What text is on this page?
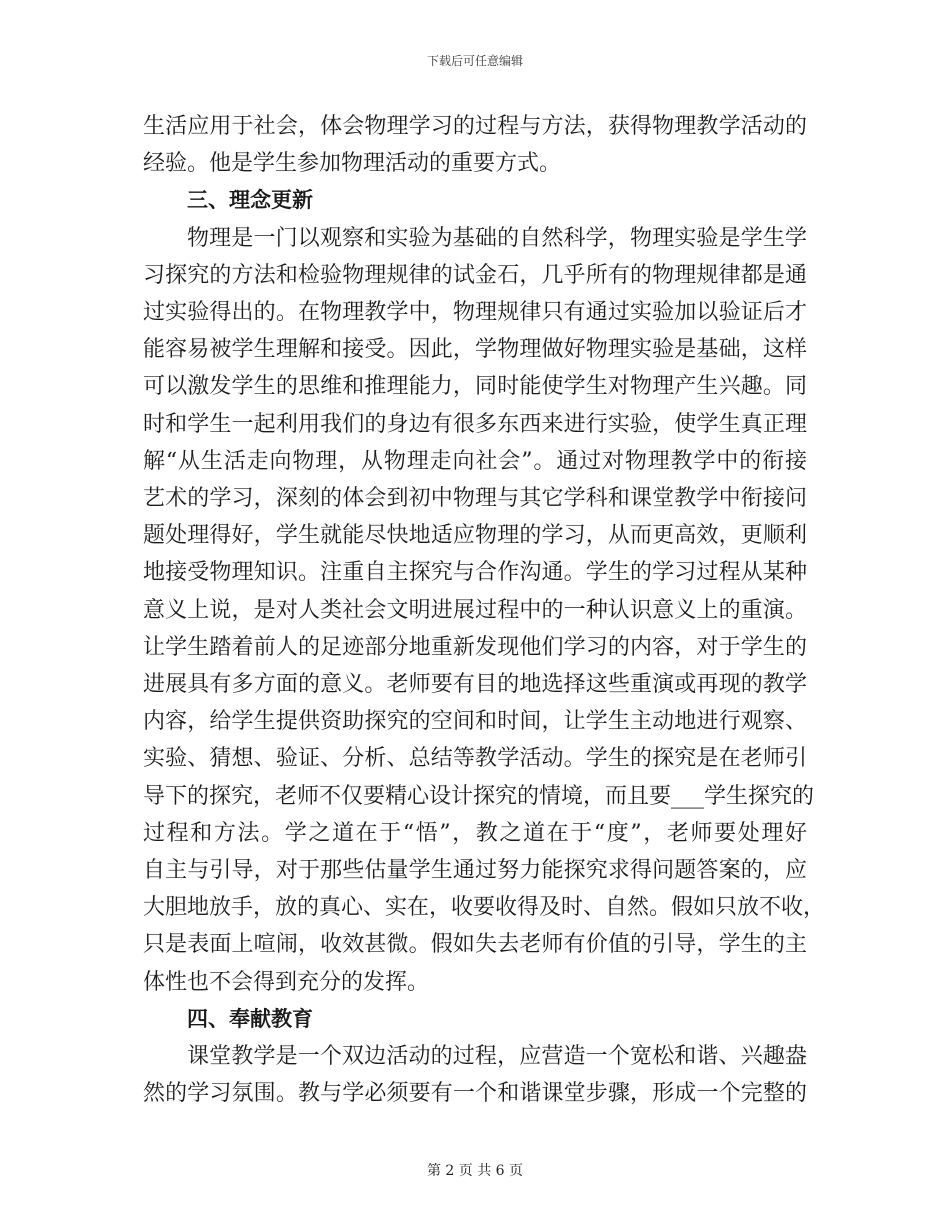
下载后可任意编辑
生活应用于社会，体会物理学习的过程与方法，获得物理教学活动的
经验。他是学生参加物理活动的重要方式。
三、理念更新
物理是一门以观察和实验为基础的自然科学，物理实验是学生学
习探究的方法和检验物理规律的试金石，几乎所有的物理规律都是通
过实验得出的。在物理教学中，物理规律只有通过实验加以验证后才
能容易被学生理解和接受。因此，学物理做好物理实验是基础，这样
可以激发学生的思维和推理能力，同时能使学生对物理产生兴趣。同
时和学生一起利用我们的身边有很多东西来进行实验，使学生真正理
解“从生活走向物理，从物理走向社会”。通过对物理教学中的衔接
艺术的学习，深刻的体会到初中物理与其它学科和课堂教学中衔接问
题处理得好，学生就能尽快地适应物理的学习，从而更高效，更顺利
地接受物理知识。注重自主探究与合作沟通。学生的学习过程从某种
意义上说，是对人类社会文明进展过程中的一种认识意义上的重演。
让学生踏着前人的足迹部分地重新发现他们学习的内容，对于学生的
进展具有多方面的意义。老师要有目的地选择这些重演或再现的教学
内容，给学生提供资助探究的空间和时间，让学生主动地进行观察、
实验、猜想、验证、分析、总结等教学活动。学生的探究是在老师引
导下的探究，老师不仅要精心设计探究的情境，而且要___学生探究的
过程和方法。学之道在于“悟”，教之道在于“度”，老师要处理好
自主与引导，对于那些估量学生通过努力能探究求得问题答案的，应
大胆地放手，放的真心、实在，收要收得及时、自然。假如只放不收，
只是表面上喧闹，收效甚微。假如失去老师有价值的引导，学生的主
体性也不会得到充分的发挥。
四、奉献教育
课堂教学是一个双边活动的过程，应营造一个宽松和谐、兴趣盎
然的学习氛围。教与学必须要有一个和谐课堂步骤，形成一个完整的
第 2 页 共 6 页
